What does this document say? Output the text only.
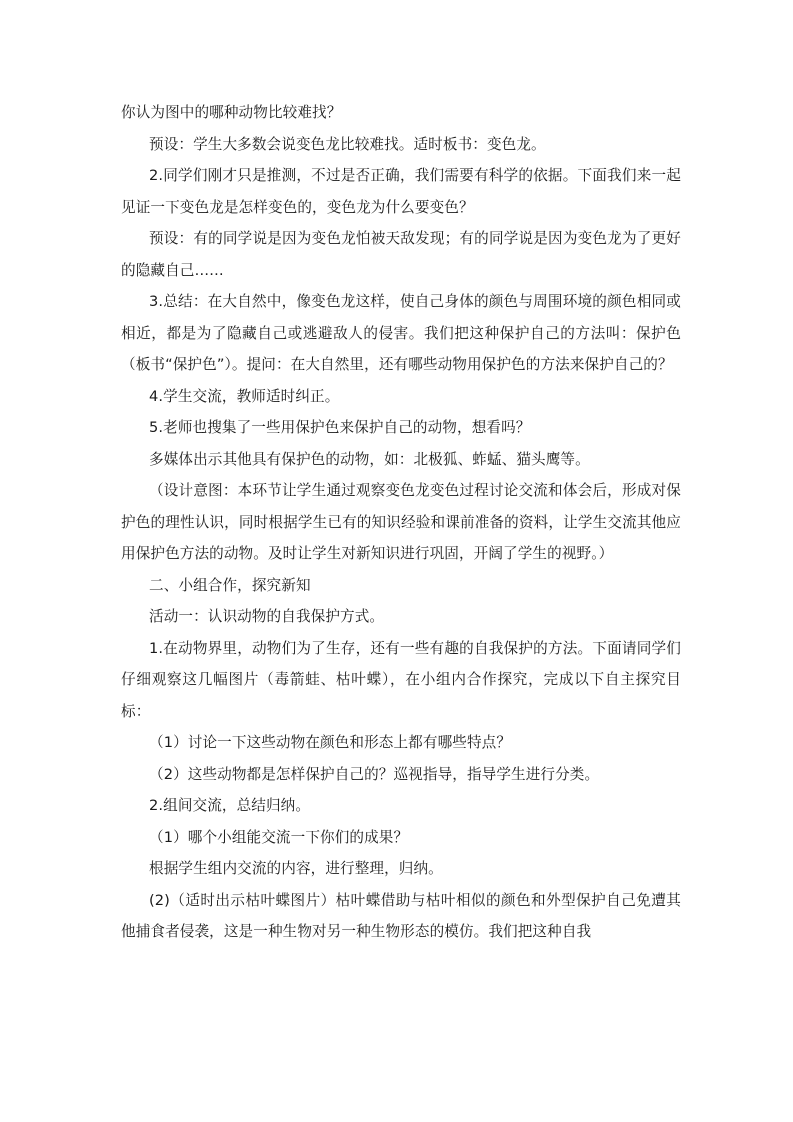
你认为图中的哪种动物比较难找？

预设：学生大多数会说变色龙比较难找。适时板书：变色龙。

2.同学们刚才只是推测，不过是否正确，我们需要有科学的依据。下面我们来一起见证一下变色龙是怎样变色的，变色龙为什么要变色？

预设：有的同学说是因为变色龙怕被天敌发现；有的同学说是因为变色龙为了更好的隐藏自己……

3.总结：在大自然中，像变色龙这样，使自己身体的颜色与周围环境的颜色相同或相近，都是为了隐藏自己或逃避敌人的侵害。我们把这种保护自己的方法叫：保护色（板书“保护色”）。提问：在大自然里，还有哪些动物用保护色的方法来保护自己的？

4.学生交流，教师适时纠正。

5.老师也搜集了一些用保护色来保护自己的动物，想看吗？

多媒体出示其他具有保护色的动物，如：北极狐、蚱蜢、猫头鹰等。

（设计意图：本环节让学生通过观察变色龙变色过程讨论交流和体会后，形成对保护色的理性认识，同时根据学生已有的知识经验和课前准备的资料，让学生交流其他应用保护色方法的动物。及时让学生对新知识进行巩固，开阔了学生的视野。）

二、小组合作，探究新知

活动一：认识动物的自我保护方式。

1.在动物界里，动物们为了生存，还有一些有趣的自我保护的方法。下面请同学们仔细观察这几幅图片（毒箭蛙、枯叶蝶），在小组内合作探究，完成以下自主探究目标：

（1）讨论一下这些动物在颜色和形态上都有哪些特点？

（2）这些动物都是怎样保护自己的？巡视指导，指导学生进行分类。

2.组间交流，总结归纳。

（1）哪个小组能交流一下你们的成果？

根据学生组内交流的内容，进行整理，归纳。

(2)（适时出示枯叶蝶图片）枯叶蝶借助与枯叶相似的颜色和外型保护自己免遭其他捕食者侵袭，这是一种生物对另一种生物形态的模仿。我们把这种自我
